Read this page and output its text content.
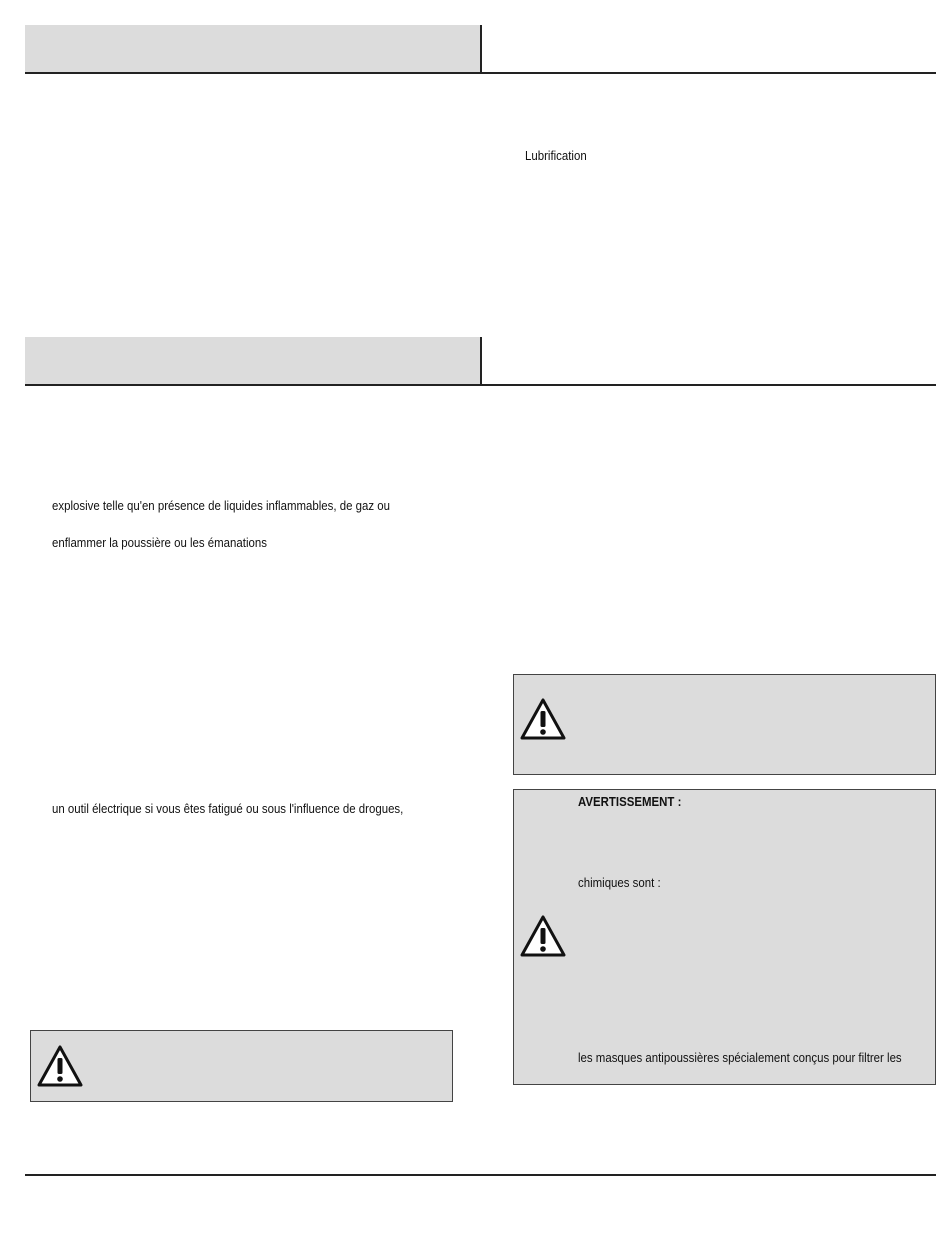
Lubrification
explosive telle qu'en présence de liquides inflammables, de gaz ou
enflammer la poussière ou les émanations
un outil électrique si vous êtes fatigué ou sous l'influence de drogues,	AVERTISSEMENT :
chimiques sont :
les masques antipoussières spécialement conçus pour filtrer les
